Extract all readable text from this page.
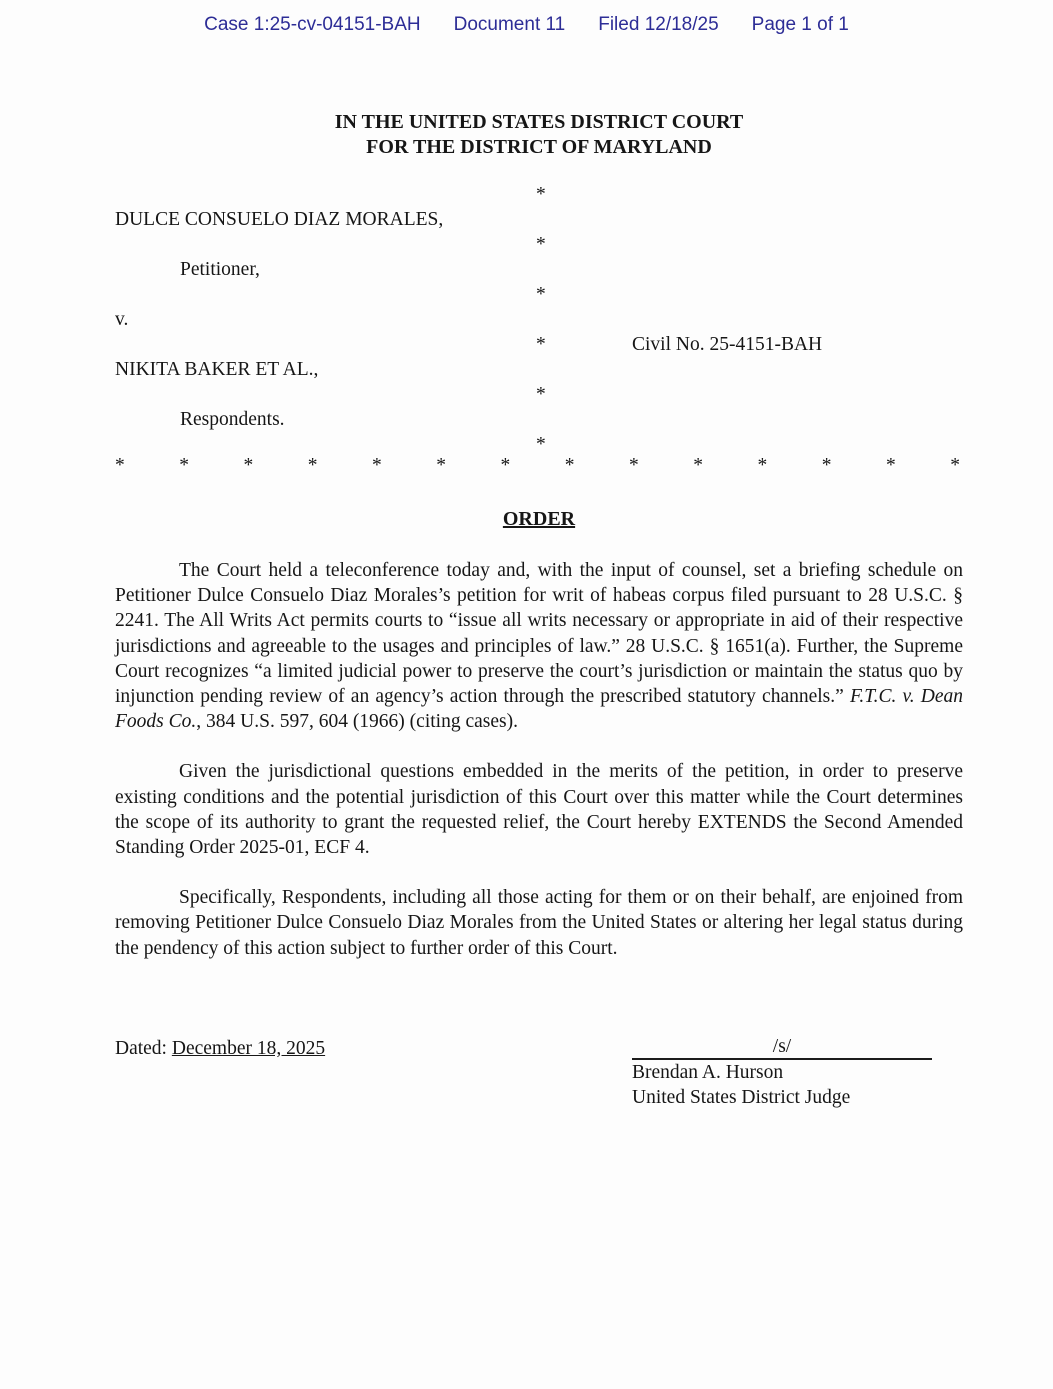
Case 1:25-cv-04151-BAH Document 11 Filed 12/18/25 Page 1 of 1
IN THE UNITED STATES DISTRICT COURT
FOR THE DISTRICT OF MARYLAND
*
DULCE CONSUELO DIAZ MORALES,
*
Petitioner,
*
v.
*	Civil No. 25-4151-BAH
NIKITA BAKER ET AL.,
*
Respondents.
*
*	*	*	*	*	*	*	*	*	*	*	*	*	*
ORDER

The Court held a teleconference today and, with the input of counsel, set a briefing schedule on Petitioner Dulce Consuelo Diaz Morales’s petition for writ of habeas corpus filed pursuant to 28 U.S.C. § 2241. The All Writs Act permits courts to “issue all writs necessary or appropriate in aid of their respective jurisdictions and agreeable to the usages and principles of law.” 28 U.S.C. § 1651(a). Further, the Supreme Court recognizes “a limited judicial power to preserve the court’s jurisdiction or maintain the status quo by injunction pending review of an agency’s action through the prescribed statutory channels.” F.T.C. v. Dean Foods Co., 384 U.S. 597, 604 (1966) (citing cases).

Given the jurisdictional questions embedded in the merits of the petition, in order to preserve existing conditions and the potential jurisdiction of this Court over this matter while the Court determines the scope of its authority to grant the requested relief, the Court hereby EXTENDS the Second Amended Standing Order 2025-01, ECF 4.

Specifically, Respondents, including all those acting for them or on their behalf, are enjoined from removing Petitioner Dulce Consuelo Diaz Morales from the United States or altering her legal status during the pendency of this action subject to further order of this Court.

Dated: December 18, 2025	/s/
Brendan A. Hurson
United States District Judge
